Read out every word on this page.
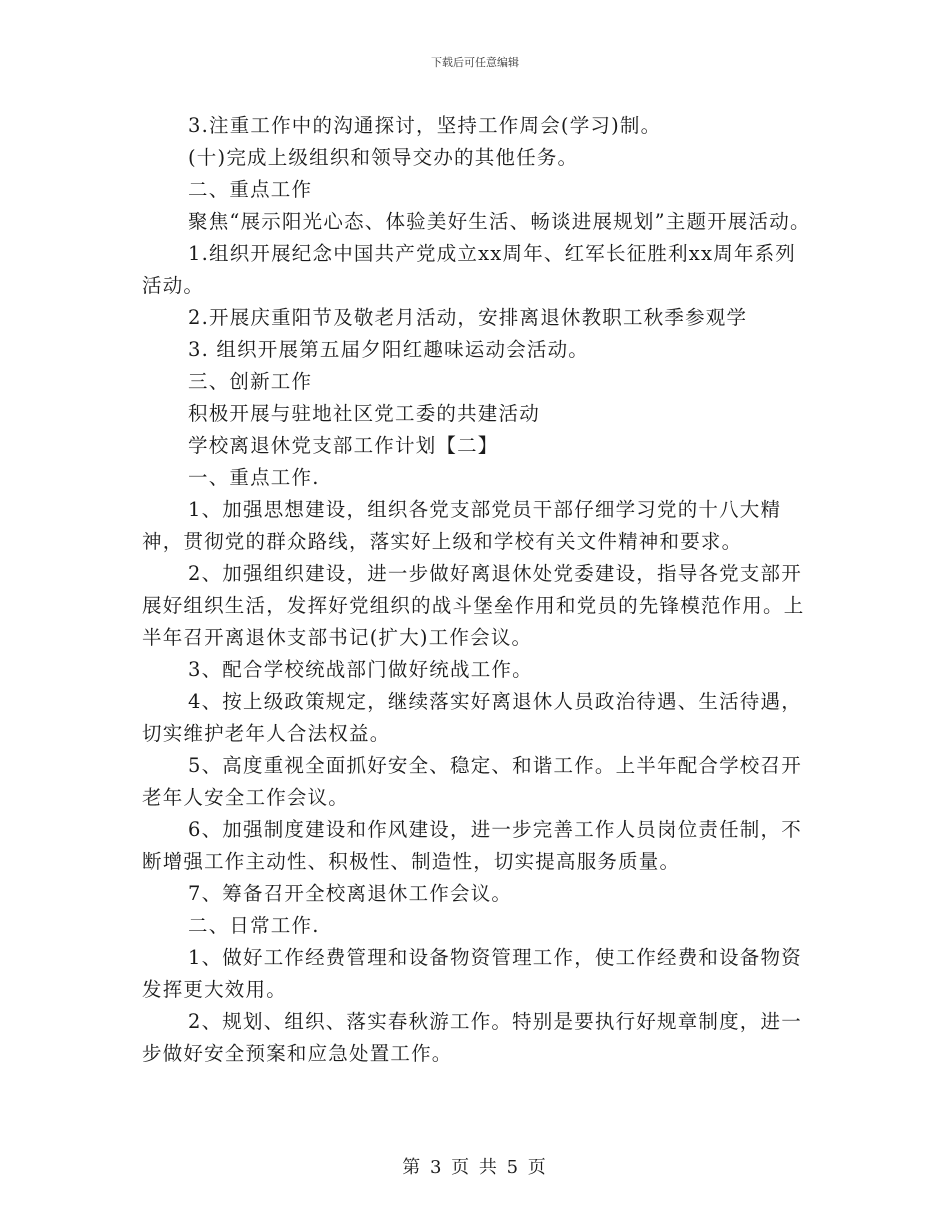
下载后可任意编辑

3.注重工作中的沟通探讨，坚持工作周会(学习)制。

(十)完成上级组织和领导交办的其他任务。

二、重点工作

聚焦“展示阳光心态、体验美好生活、畅谈进展规划”主题开展活动。

1.组织开展纪念中国共产党成立xx周年、红军长征胜利xx周年系列活动。

2.开展庆重阳节及敬老月活动，安排离退休教职工秋季参观学

3. 组织开展第五届夕阳红趣味运动会活动。

三、创新工作

积极开展与驻地社区党工委的共建活动

学校离退休党支部工作计划【二】

一、重点工作.

1、加强思想建设，组织各党支部党员干部仔细学习党的十八大精神，贯彻党的群众路线，落实好上级和学校有关文件精神和要求。

2、加强组织建设，进一步做好离退休处党委建设，指导各党支部开展好组织生活，发挥好党组织的战斗堡垒作用和党员的先锋模范作用。上半年召开离退休支部书记(扩大)工作会议。

3、配合学校统战部门做好统战工作。

4、按上级政策规定，继续落实好离退休人员政治待遇、生活待遇，切实维护老年人合法权益。

5、高度重视全面抓好安全、稳定、和谐工作。上半年配合学校召开老年人安全工作会议。

6、加强制度建设和作风建设，进一步完善工作人员岗位责任制，不断增强工作主动性、积极性、制造性，切实提高服务质量。

7、筹备召开全校离退休工作会议。

二、日常工作.

1、做好工作经费管理和设备物资管理工作，使工作经费和设备物资发挥更大效用。

2、规划、组织、落实春秋游工作。特别是要执行好规章制度，进一步做好安全预案和应急处置工作。

第 3 页 共 5 页
